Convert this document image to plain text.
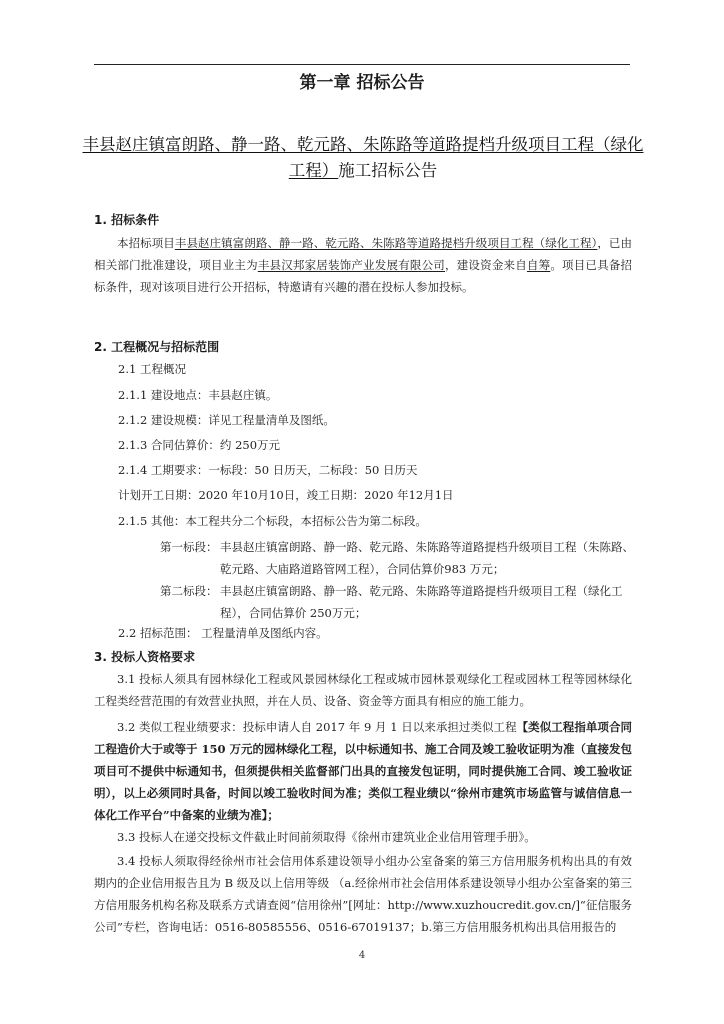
第一章 招标公告
丰县赵庄镇富朗路、静一路、乾元路、朱陈路等道路提档升级项目工程（绿化工程）施工招标公告
1. 招标条件
本招标项目丰县赵庄镇富朗路、静一路、乾元路、朱陈路等道路提档升级项目工程（绿化工程），已由相关部门批准建设，项目业主为丰县汉邦家居装饰产业发展有限公司，建设资金来自自筹。项目已具备招标条件，现对该项目进行公开招标，特邀请有兴趣的潜在投标人参加投标。
2. 工程概况与招标范围
2.1 工程概况
2.1.1 建设地点：丰县赵庄镇。
2.1.2 建设规模：详见工程量清单及图纸。
2.1.3 合同估算价：约 250万元
2.1.4 工期要求：一标段：50 日历天，二标段：50 日历天
计划开工日期：2020 年10月10日，竣工日期：2020 年12月1日
2.1.5 其他：本工程共分二个标段，本招标公告为第二标段。
第一标段： 丰县赵庄镇富朗路、静一路、乾元路、朱陈路等道路提档升级项目工程（朱陈路、乾元路、大庙路道路管网工程），合同估算价983 万元；
第二标段： 丰县赵庄镇富朗路、静一路、乾元路、朱陈路等道路提档升级项目工程（绿化工程），合同估算价 250万元；
2.2 招标范围： 工程量清单及图纸内容。
3. 投标人资格要求
3.1 投标人须具有园林绿化工程或风景园林绿化工程或城市园林景观绿化工程或园林工程等园林绿化工程类经营范围的有效营业执照，并在人员、设备、资金等方面具有相应的施工能力。
3.2 类似工程业绩要求：投标申请人自 2017 年 9 月 1 日以来承担过类似工程【类似工程指单项合同工程造价大于或等于 150 万元的园林绿化工程，以中标通知书、施工合同及竣工验收证明为准（直接发包项目可不提供中标通知书，但须提供相关监督部门出具的直接发包证明，同时提供施工合同、竣工验收证明），以上必须同时具备，时间以竣工验收时间为准；类似工程业绩以“徐州市建筑市场监管与诚信信息一体化工作平台”中备案的业绩为准】；
3.3 投标人在递交投标文件截止时间前须取得《徐州市建筑业企业信用管理手册》。
3.4 投标人须取得经徐州市社会信用体系建设领导小组办公室备案的第三方信用服务机构出具的有效期内的企业信用报告且为 B 级及以上信用等级 （a.经徐州市社会信用体系建设领导小组办公室备案的第三方信用服务机构名称及联系方式请查阅“信用徐州”[网址：http://www.xuzhoucredit.gov.cn/]“征信服务公司”专栏，咨询电话：0516-80585556、0516-67019137；b.第三方信用服务机构出具信用报告的
4
